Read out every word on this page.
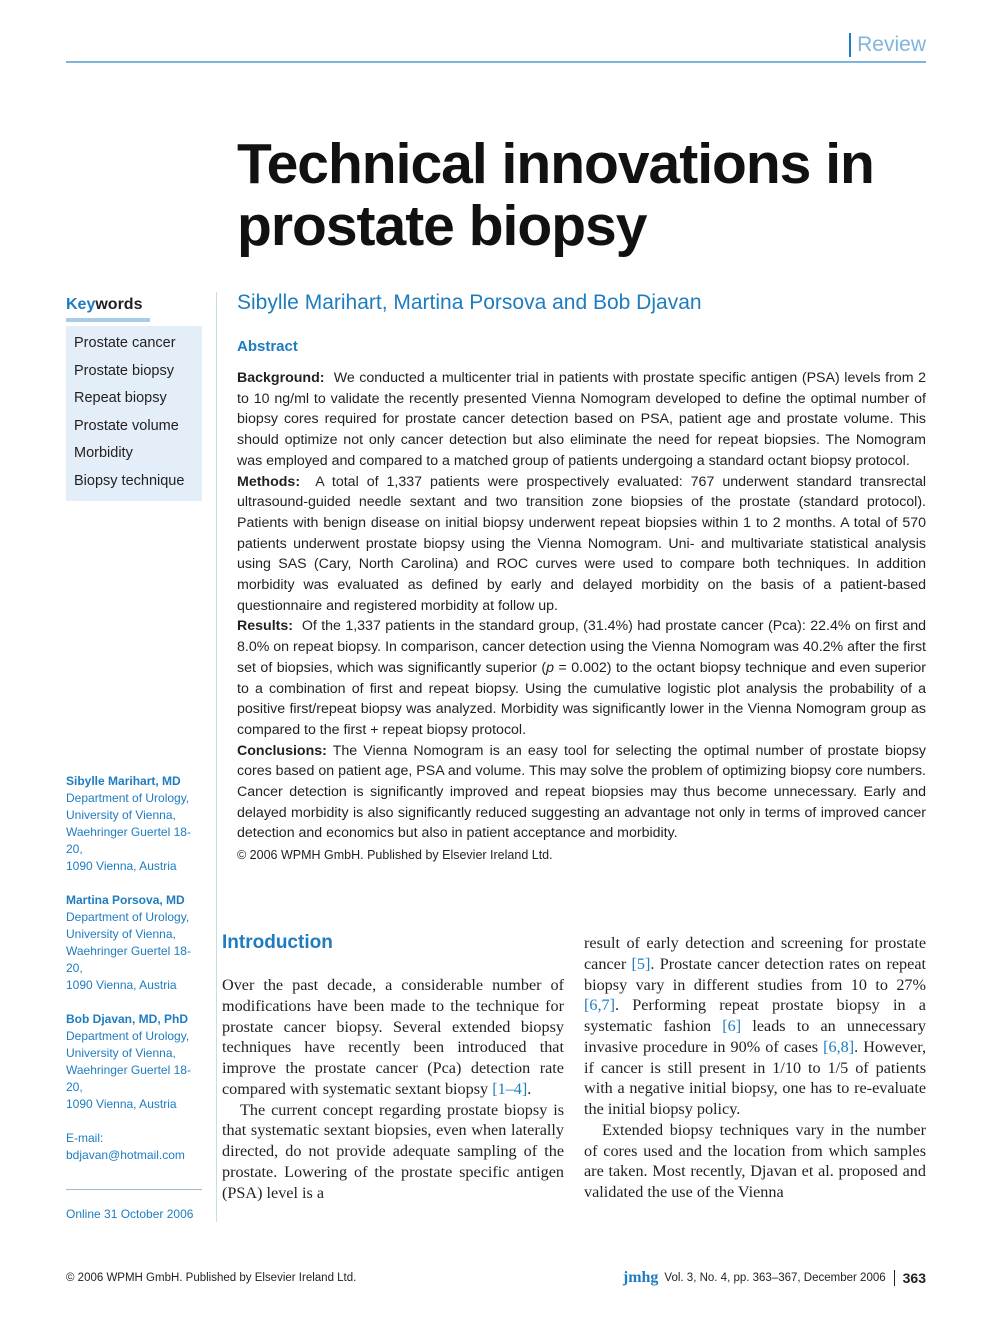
Review
Technical innovations in prostate biopsy
Keywords
Prostate cancer
Prostate biopsy
Repeat biopsy
Prostate volume
Morbidity
Biopsy technique
Sibylle Marihart, MD
Department of Urology,
University of Vienna,
Waehringer Guertel 18-20,
1090 Vienna, Austria
Martina Porsova, MD
Department of Urology,
University of Vienna,
Waehringer Guertel 18-20,
1090 Vienna, Austria
Bob Djavan, MD, PhD
Department of Urology,
University of Vienna,
Waehringer Guertel 18-20,
1090 Vienna, Austria
E-mail:
bdjavan@hotmail.com
Online 31 October 2006
Sibylle Marihart, Martina Porsova and Bob Djavan
Abstract

Background: We conducted a multicenter trial in patients with prostate specific antigen (PSA) levels from 2 to 10 ng/ml to validate the recently presented Vienna Nomogram developed to define the optimal number of biopsy cores required for prostate cancer detection based on PSA, patient age and prostate volume. This should optimize not only cancer detection but also eliminate the need for repeat biopsies. The Nomogram was employed and compared to a matched group of patients undergoing a standard octant biopsy protocol.

Methods: A total of 1,337 patients were prospectively evaluated: 767 underwent standard transrectal ultrasound-guided needle sextant and two transition zone biopsies of the prostate (standard protocol). Patients with benign disease on initial biopsy underwent repeat biopsies within 1 to 2 months. A total of 570 patients underwent prostate biopsy using the Vienna Nomogram. Uni- and multivariate statistical analysis using SAS (Cary, North Carolina) and ROC curves were used to compare both techniques. In addition morbidity was evaluated as defined by early and delayed morbidity on the basis of a patient-based questionnaire and registered morbidity at follow up.

Results: Of the 1,337 patients in the standard group, (31.4%) had prostate cancer (Pca): 22.4% on first and 8.0% on repeat biopsy. In comparison, cancer detection using the Vienna Nomogram was 40.2% after the first set of biopsies, which was significantly superior (p = 0.002) to the octant biopsy technique and even superior to a combination of first and repeat biopsy. Using the cumulative logistic plot analysis the probability of a positive first/repeat biopsy was analyzed. Morbidity was significantly lower in the Vienna Nomogram group as compared to the first + repeat biopsy protocol.

Conclusions: The Vienna Nomogram is an easy tool for selecting the optimal number of prostate biopsy cores based on patient age, PSA and volume. This may solve the problem of optimizing biopsy core numbers. Cancer detection is significantly improved and repeat biopsies may thus become unnecessary. Early and delayed morbidity is also significantly reduced suggesting an advantage not only in terms of improved cancer detection and economics but also in patient acceptance and morbidity.

© 2006 WPMH GmbH. Published by Elsevier Ireland Ltd.

Introduction

Over the past decade, a considerable number of modifications have been made to the technique for prostate cancer biopsy. Several extended biopsy techniques have recently been introduced that improve the prostate cancer (Pca) detection rate compared with systematic sextant biopsy [1–4].

The current concept regarding prostate biopsy is that systematic sextant biopsies, even when laterally directed, do not provide adequate sampling of the prostate. Lowering of the prostate specific antigen (PSA) level is a

result of early detection and screening for prostate cancer [5]. Prostate cancer detection rates on repeat biopsy vary in different studies from 10 to 27% [6,7]. Performing repeat prostate biopsy in a systematic fashion [6] leads to an unnecessary invasive procedure in 90% of cases [6,8]. However, if cancer is still present in 1/10 to 1/5 of patients with a negative initial biopsy, one has to re-evaluate the initial biopsy policy.

Extended biopsy techniques vary in the number of cores used and the location from which samples are taken. Most recently, Djavan et al. proposed and validated the use of the Vienna

© 2006 WPMH GmbH. Published by Elsevier Ireland Ltd.	jmhg Vol. 3, No. 4, pp. 363–367, December 2006	363
